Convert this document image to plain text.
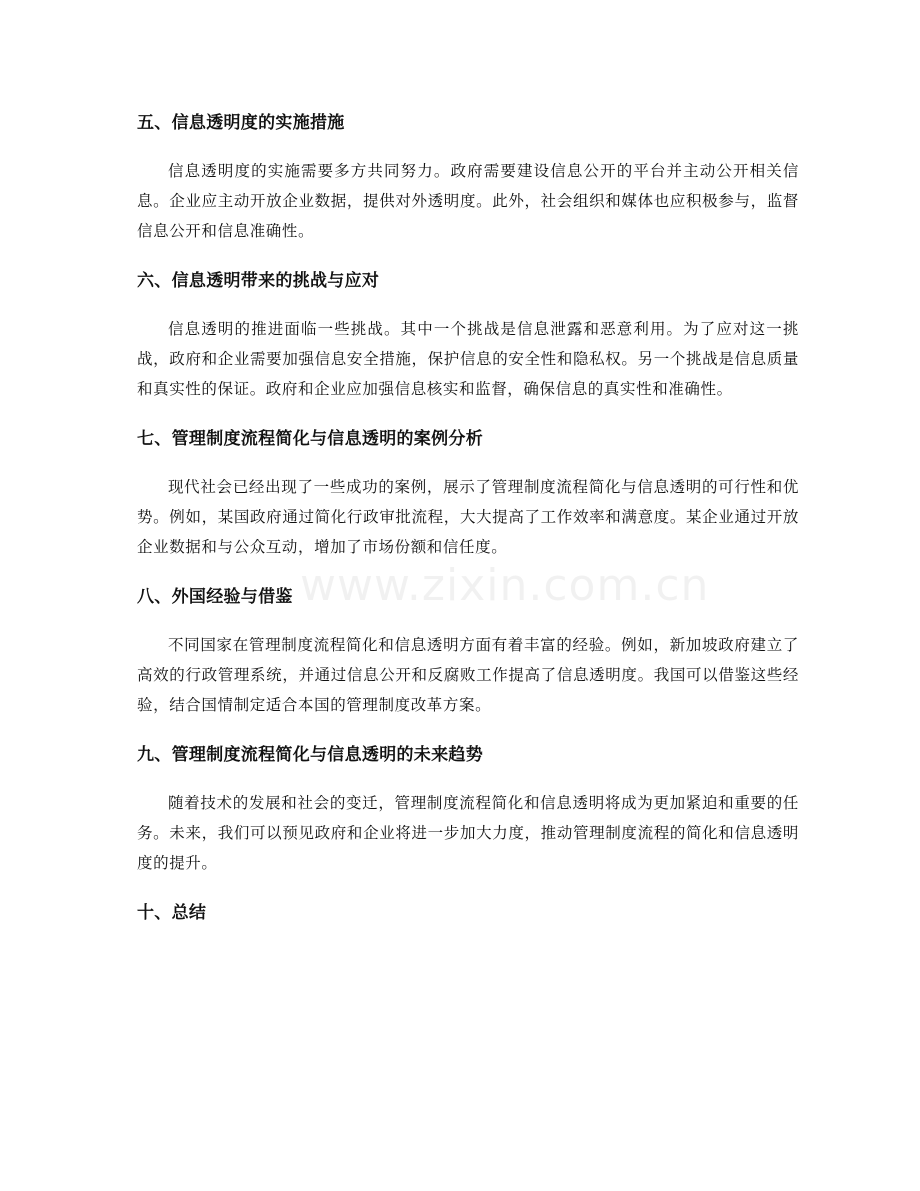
www.zixin.com.cn
五、信息透明度的实施措施

信息透明度的实施需要多方共同努力。政府需要建设信息公开的平台并主动公开相关信息。企业应主动开放企业数据，提供对外透明度。此外，社会组织和媒体也应积极参与，监督信息公开和信息准确性。

六、信息透明带来的挑战与应对

信息透明的推进面临一些挑战。其中一个挑战是信息泄露和恶意利用。为了应对这一挑战，政府和企业需要加强信息安全措施，保护信息的安全性和隐私权。另一个挑战是信息质量和真实性的保证。政府和企业应加强信息核实和监督，确保信息的真实性和准确性。

七、管理制度流程简化与信息透明的案例分析

现代社会已经出现了一些成功的案例，展示了管理制度流程简化与信息透明的可行性和优势。例如，某国政府通过简化行政审批流程，大大提高了工作效率和满意度。某企业通过开放企业数据和与公众互动，增加了市场份额和信任度。

八、外国经验与借鉴

不同国家在管理制度流程简化和信息透明方面有着丰富的经验。例如，新加坡政府建立了高效的行政管理系统，并通过信息公开和反腐败工作提高了信息透明度。我国可以借鉴这些经验，结合国情制定适合本国的管理制度改革方案。

九、管理制度流程简化与信息透明的未来趋势

随着技术的发展和社会的变迁，管理制度流程简化和信息透明将成为更加紧迫和重要的任务。未来，我们可以预见政府和企业将进一步加大力度，推动管理制度流程的简化和信息透明度的提升。

十、总结
